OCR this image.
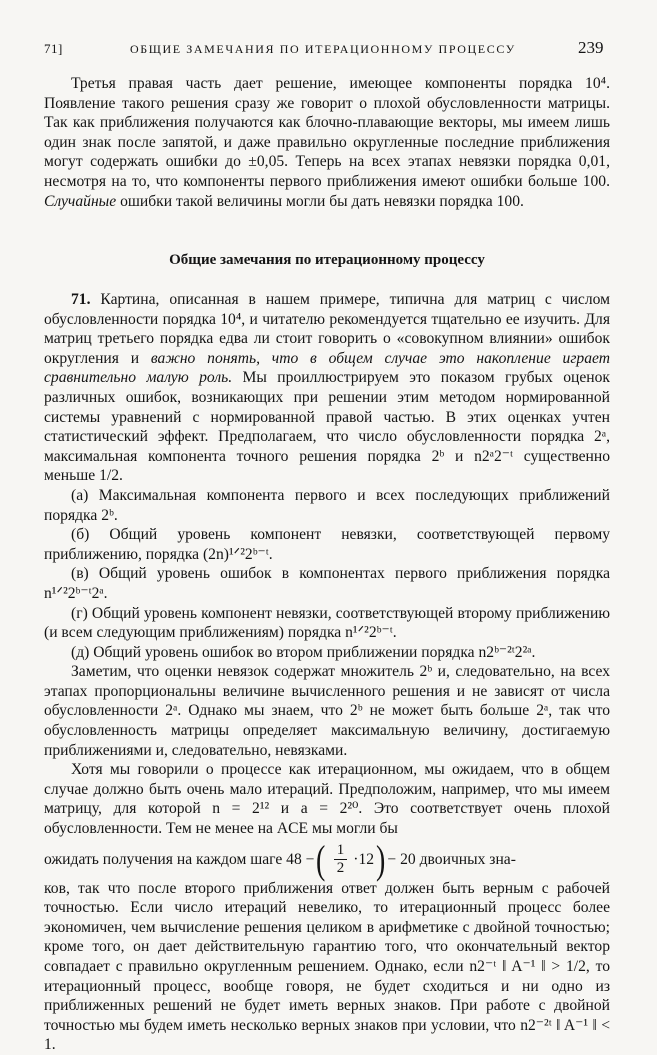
71]	ОБЩИЕ ЗАМЕЧАНИЯ ПО ИТЕРАЦИОННОМУ ПРОЦЕССУ	239

Третья правая часть дает решение, имеющее компоненты порядка 10⁴. Появление такого решения сразу же говорит о плохой обусловленности матрицы. Так как приближения получаются как блочно-плавающие векторы, мы имеем лишь один знак после запятой, и даже правильно округленные последние приближения могут содержать ошибки до ±0,05. Теперь на всех этапах невязки порядка 0,01, несмотря на то, что компоненты первого приближения имеют ошибки больше 100. Случайные ошибки такой величины могли бы дать невязки порядка 100.

Общие замечания по итерационному процессу

71. Картина, описанная в нашем примере, типична для матриц с числом обусловленности порядка 10⁴, и читателю рекомендуется тщательно ее изучить. Для матриц третьего порядка едва ли стоит говорить о «совокупном влиянии» ошибок округления и важно понять, что в общем случае это накопление играет сравнительно малую роль. Мы проиллюстрируем это показом грубых оценок различных ошибок, возникающих при решении этим методом нормированной системы уравнений с нормированной правой частью. В этих оценках учтен статистический эффект. Предполагаем, что число обусловленности порядка 2ᵃ, максимальная компонента точного решения порядка 2ᵇ и n2ᵃ2⁻ᵗ существенно меньше 1/2.

(а) Максимальная компонента первого и всех последующих приближений порядка 2ᵇ.

(б) Общий уровень компонент невязки, соответствующей первому приближению, порядка (2n)¹ᐟ²2ᵇ⁻ᵗ.

(в) Общий уровень ошибок в компонентах первого приближения порядка n¹ᐟ²2ᵇ⁻ᵗ2ᵃ.

(г) Общий уровень компонент невязки, соответствующей второму приближению (и всем следующим приближениям) порядка n¹ᐟ²2ᵇ⁻ᵗ.

(д) Общий уровень ошибок во втором приближении порядка n2ᵇ⁻²ᵗ2²ᵃ.

Заметим, что оценки невязок содержат множитель 2ᵇ и, следовательно, на всех этапах пропорциональны величине вычисленного решения и не зависят от числа обусловленности 2ᵃ. Однако мы знаем, что 2ᵇ не может быть больше 2ᵃ, так что обусловленность матрицы определяет максимальную величину, достигаемую приближениями и, следовательно, невязками.

Хотя мы говорили о процессе как итерационном, мы ожидаем, что в общем случае должно быть очень мало итераций. Предположим, например, что мы имеем матрицу, для которой n = 2¹² и a = 2²⁰. Это соответствует очень плохой обусловленности. Тем не менее на ACE мы могли бы

ожидать получения на каждом шаге 48 − ( $\frac{1}{2} \cdot 12$ ) − 20 двоичных зна-

ков, так что после второго приближения ответ должен быть верным с рабочей точностью. Если число итераций невелико, то итерационный процесс более экономичен, чем вычисление решения целиком в арифметике с двойной точностью; кроме того, он дает действительную гарантию того, что окончательный вектор совпадает с правильно округленным решением. Однако, если n2⁻ᵗ ‖ A⁻¹ ‖ > 1/2, то итерационный процесс, вообще говоря, не будет сходиться и ни одно из приближенных решений не будет иметь верных знаков. При работе с двойной точностью мы будем иметь несколько верных знаков при условии, что n2⁻²ᵗ ‖ A⁻¹ ‖ < 1.
